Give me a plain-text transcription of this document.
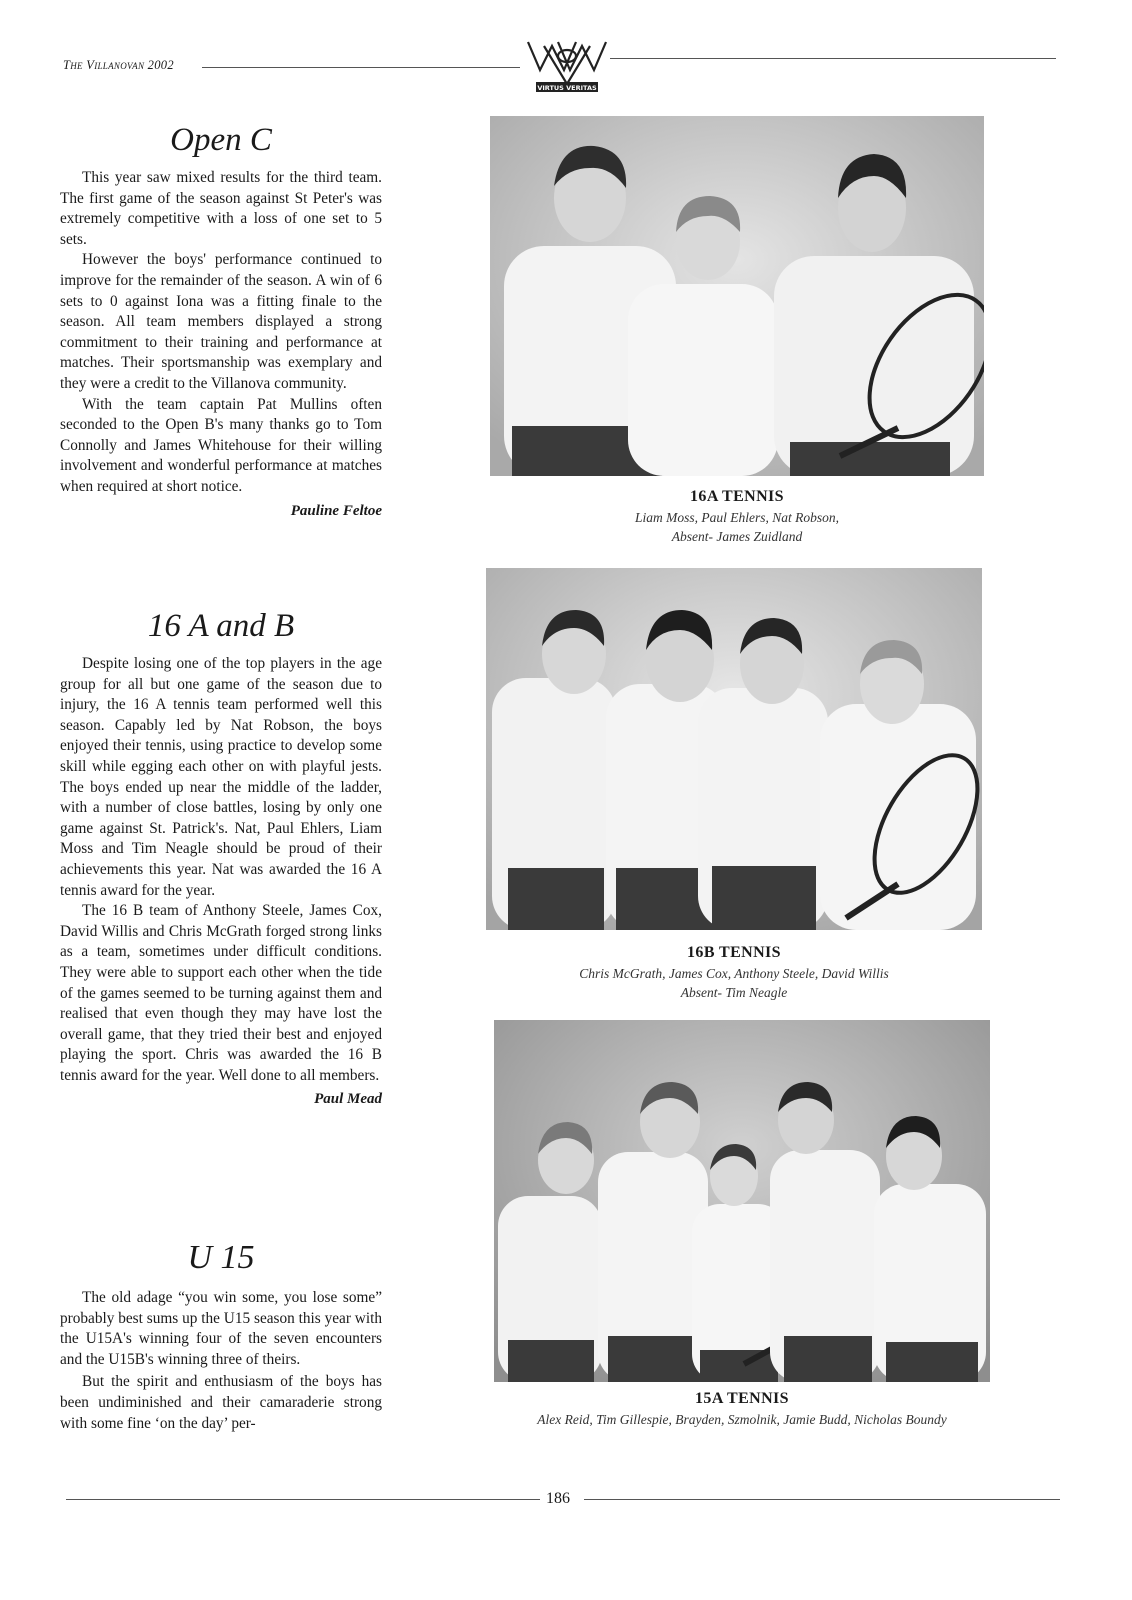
The Villanovan 2002
VIRTUS VERITAS
Open C

This year saw mixed results for the third team. The first game of the season against St Peter's was extremely competitive with a loss of one set to 5 sets.

However the boys' performance continued to improve for the remainder of the season. A win of 6 sets to 0 against Iona was a fitting finale to the season. All team members displayed a strong commitment to their training and performance at matches. Their sportsmanship was exemplary and they were a credit to the Villanova community.

With the team captain Pat Mullins often seconded to the Open B's many thanks go to Tom Connolly and James Whitehouse for their willing involvement and wonderful performance at matches when required at short notice.

Pauline Feltoe
16 A and B

Despite losing one of the top players in the age group for all but one game of the season due to injury, the 16 A tennis team performed well this season. Capably led by Nat Robson, the boys enjoyed their tennis, using practice to develop some skill while egging each other on with playful jests. The boys ended up near the middle of the ladder, with a number of close battles, losing by only one game against St. Patrick's. Nat, Paul Ehlers, Liam Moss and Tim Neagle should be proud of their achievements this year. Nat was awarded the 16 A tennis award for the year.

The 16 B team of Anthony Steele, James Cox, David Willis and Chris McGrath forged strong links as a team, sometimes under difficult conditions. They were able to support each other when the tide of the games seemed to be turning against them and realised that even though they may have lost the overall game, that they tried their best and enjoyed playing the sport. Chris was awarded the 16 B tennis award for the year. Well done to all members.

Paul Mead
U 15

The old adage “you win some, you lose some” probably best sums up the U15 season this year with the U15A's winning four of the seven encounters and the U15B's winning three of theirs.

But the spirit and enthusiasm of the boys has been undiminished and their camaraderie strong with some fine ‘on the day’ per-

16A TENNIS
Liam Moss, Paul Ehlers, Nat Robson,
Absent- James Zuidland
16B TENNIS
Chris McGrath, James Cox, Anthony Steele, David Willis
Absent- Tim Neagle
15A TENNIS
Alex Reid, Tim Gillespie, Brayden, Szmolnik, Jamie Budd, Nicholas Boundy
186
